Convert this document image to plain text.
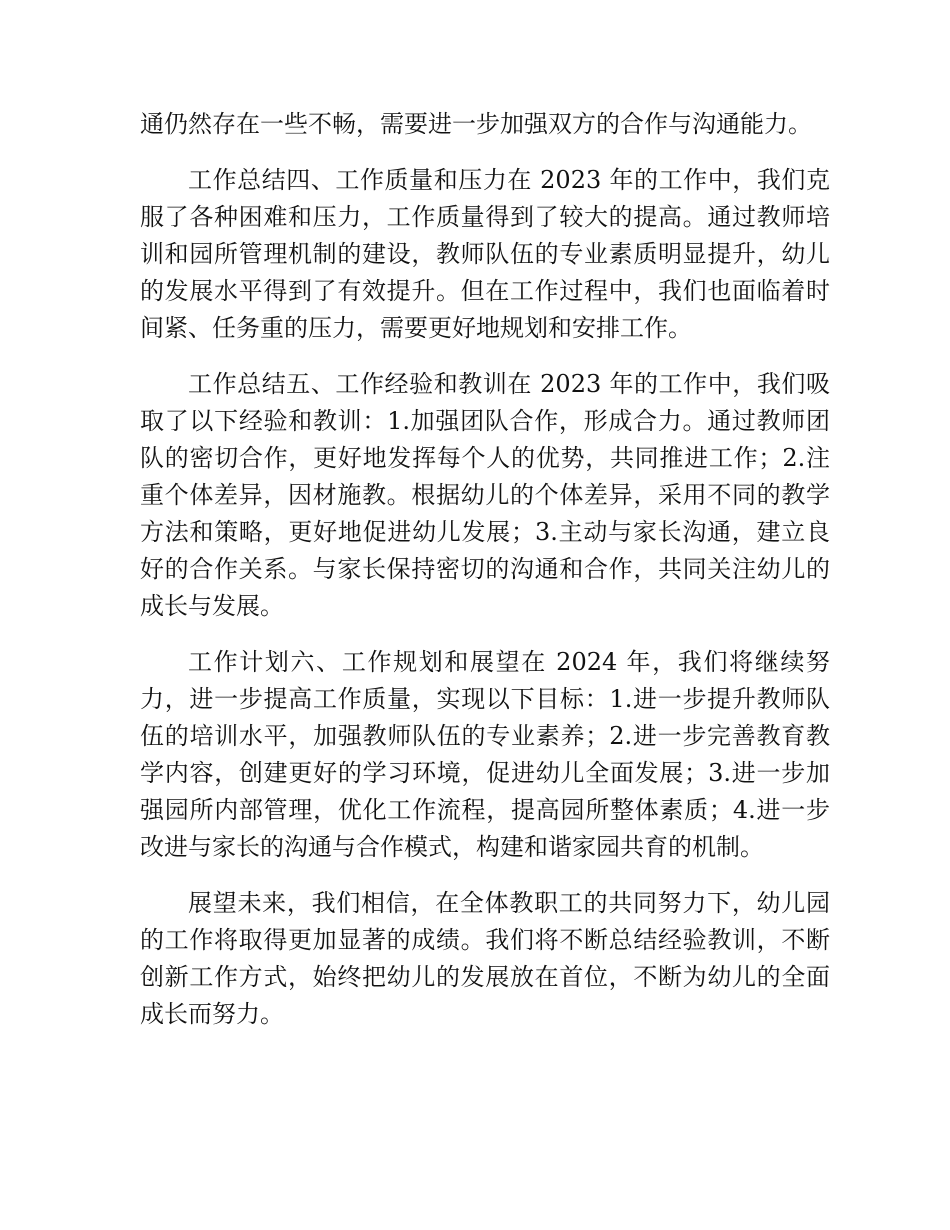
通仍然存在一些不畅，需要进一步加强双方的合作与沟通能力。

工作总结四、工作质量和压力在 2023 年的工作中，我们克服了各种困难和压力，工作质量得到了较大的提高。通过教师培训和园所管理机制的建设，教师队伍的专业素质明显提升，幼儿的发展水平得到了有效提升。但在工作过程中，我们也面临着时间紧、任务重的压力，需要更好地规划和安排工作。

工作总结五、工作经验和教训在 2023 年的工作中，我们吸取了以下经验和教训：1.加强团队合作，形成合力。通过教师团队的密切合作，更好地发挥每个人的优势，共同推进工作；2.注重个体差异，因材施教。根据幼儿的个体差异，采用不同的教学方法和策略，更好地促进幼儿发展；3.主动与家长沟通，建立良好的合作关系。与家长保持密切的沟通和合作，共同关注幼儿的成长与发展。

工作计划六、工作规划和展望在 2024 年，我们将继续努力，进一步提高工作质量，实现以下目标：1.进一步提升教师队伍的培训水平，加强教师队伍的专业素养；2.进一步完善教育教学内容，创建更好的学习环境，促进幼儿全面发展；3.进一步加强园所内部管理，优化工作流程，提高园所整体素质；4.进一步改进与家长的沟通与合作模式，构建和谐家园共育的机制。

展望未来，我们相信，在全体教职工的共同努力下，幼儿园的工作将取得更加显著的成绩。我们将不断总结经验教训，不断创新工作方式，始终把幼儿的发展放在首位，不断为幼儿的全面成长而努力。
